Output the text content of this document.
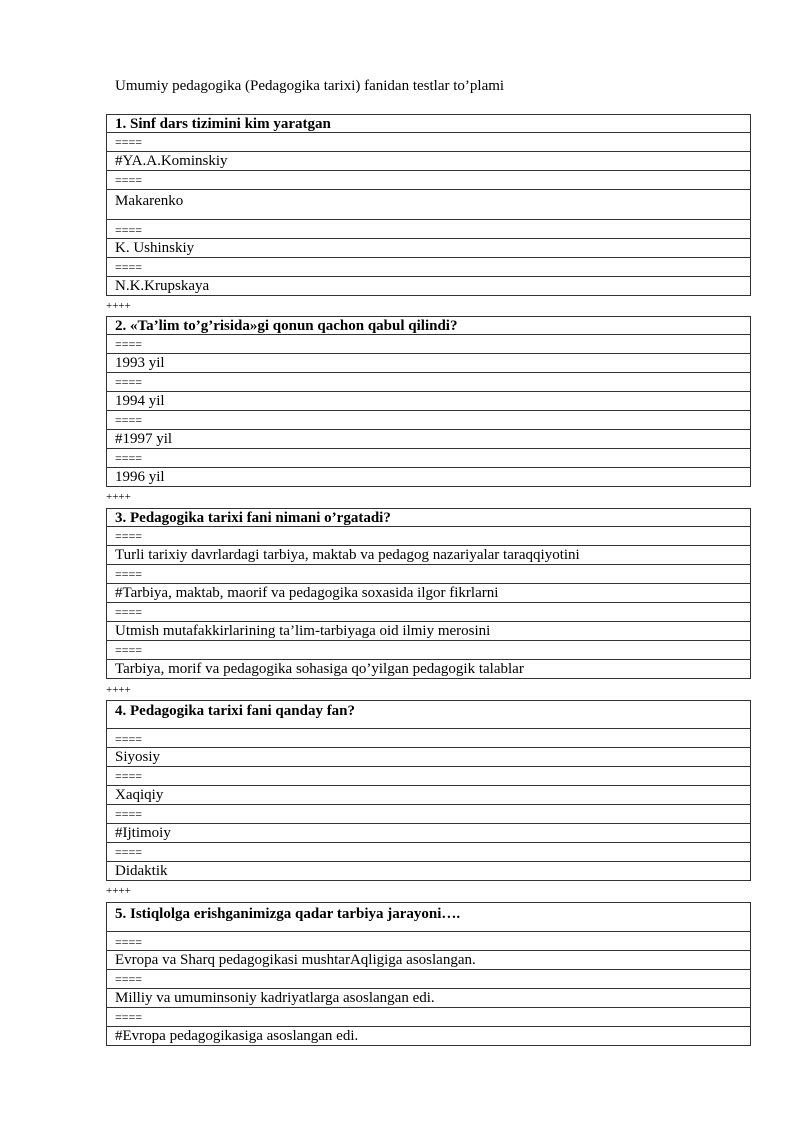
Umumiy pedagogika (Pedagogika tarixi) fanidan testlar to’plami
1. Sinf dars tizimini kim yaratgan
====
#YA.A.Kominskiy
====
Makarenko
====
K. Ushinskiy
====
N.K.Krupskaya
++++
2. «Ta’lim to’g’risida»gi qonun qachon qabul qilindi?
====
1993 yil
====
1994 yil
====
#1997 yil
====
1996 yil
++++
3. Pedagogika tarixi fani nimani o’rgatadi?
====
Turli tarixiy davrlardagi tarbiya, maktab va pedagog nazariyalar taraqqiyotini
====
#Tarbiya, maktab, maorif va pedagogika soxasida ilgor fikrlarni
====
Utmish mutafakkirlarining ta’lim-tarbiyaga oid ilmiy merosini
====
Tarbiya, morif va pedagogika sohasiga qo’yilgan pedagogik talablar
++++
4. Pedagogika tarixi fani qanday fan?
====
Siyosiy
====
Xaqiqiy
====
#Ijtimoiy
====
Didaktik
++++
5. Istiqlolga erishganimizga qadar tarbiya jarayoni….
====
Evropa va Sharq pedagogikasi mushtarAqligiga asoslangan.
====
Milliy va umuminsoniy kadriyatlarga asoslangan edi.
====
#Evropa pedagogikasiga asoslangan edi.
